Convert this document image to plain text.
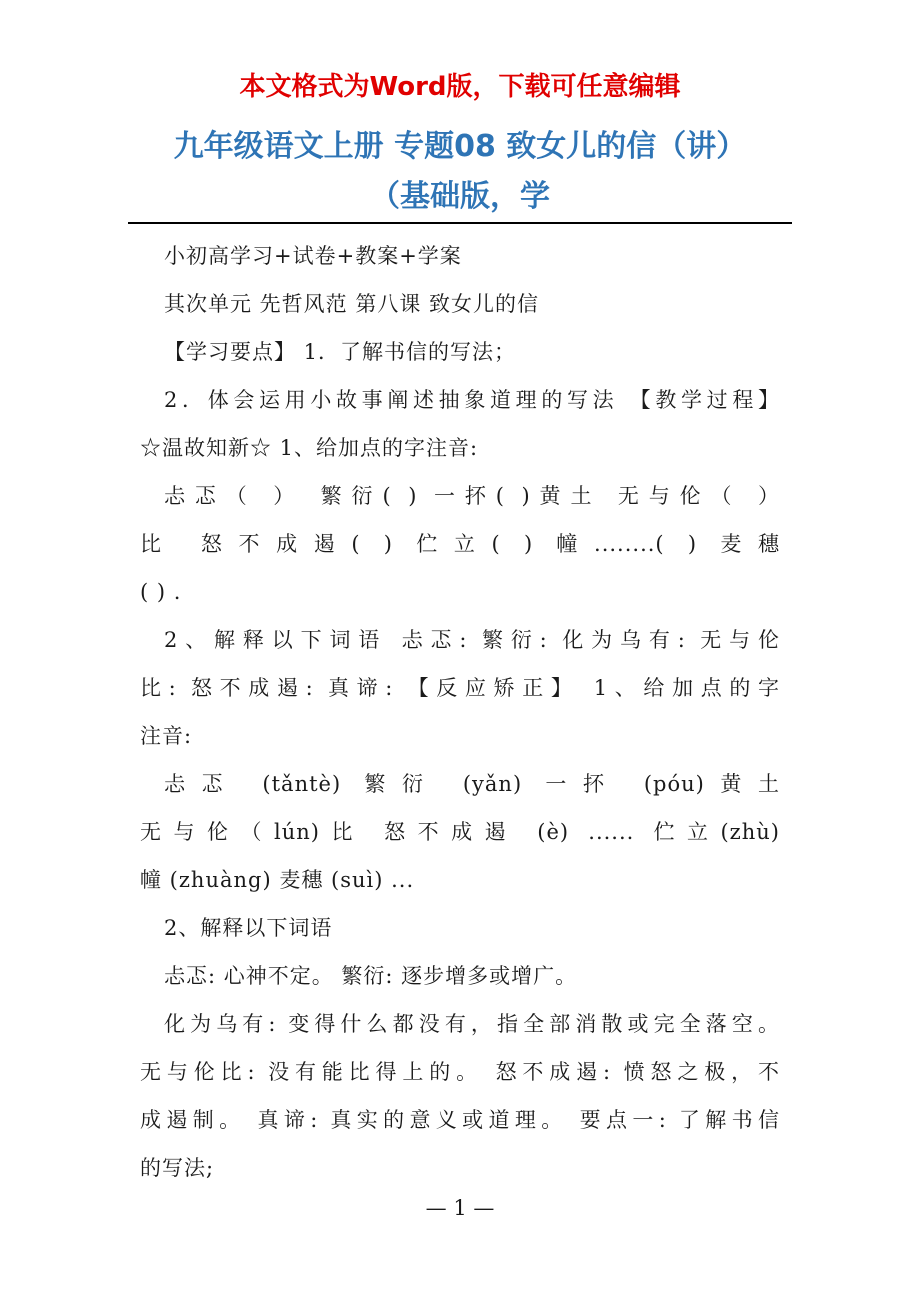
本文格式为Word版，下载可任意编辑
九年级语文上册 专题08 致女儿的信（讲）
（基础版，学

小初高学习+试卷+教案+学案

其次单元 先哲风范 第八课 致女儿的信

【学习要点】 1．了解书信的写法；

2．体会运用小故事阐述抽象道理的写法 【教学过程】

☆温故知新☆ 1、给加点的字注音:

忐忑（ ） 繁衍( ) 一抔( )黄土 无与伦（ ）

比 怒不成遏( ) 伫立( ) 幢........( ) 麦穗

( ) .

2、解释以下词语 忐忑: 繁衍: 化为乌有: 无与伦

比: 怒不成遏: 真谛: 【反应矫正】 1、给加点的字

注音:

忐忑 (tǎntè) 繁衍 (yǎn) 一抔 (póu)黄土

无与伦（lún)比 怒不成遏 (è) ...... 伫立(zhù)

幢 (zhuàng) 麦穗 (suì) ...

2、解释以下词语

忐忑: 心神不定。 繁衍: 逐步增多或增广。

化为乌有: 变得什么都没有，指全部消散或完全落空。

无与伦比: 没有能比得上的。 怒不成遏: 愤怒之极，不

成遏制。 真谛: 真实的意义或道理。 要点一: 了解书信

的写法;

— 1 —
